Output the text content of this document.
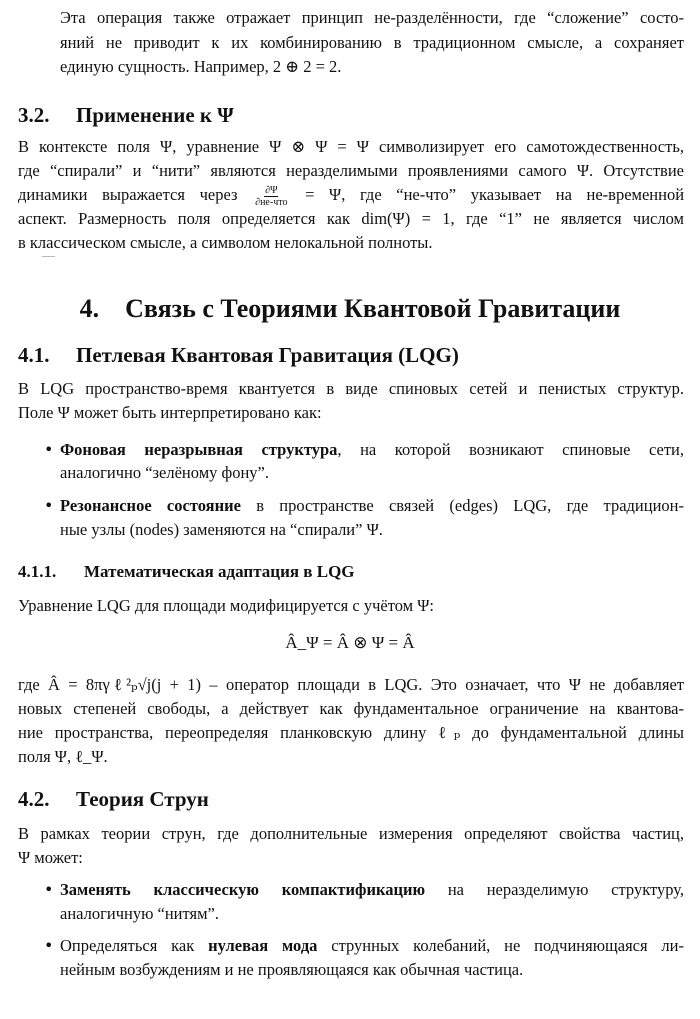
Эта операция также отражает принцип не-разделённости, где “сложение” состо-
яний не приводит к их комбинированию в традиционном смысле, а сохраняет
единую сущность. Например, 2 ⊕ 2 = 2.
3.2. Применение к Ψ
В контексте поля Ψ, уравнение Ψ ⊗ Ψ = Ψ символизирует его самотождественность,
где “спирали” и “нити” являются неразделимыми проявлениями самого Ψ. Отсутствие
динамики выражается через $\frac{\partial\Psi}{\text{∂не-что}} = \Psi$, где “не-что” указывает на не-временной
аспект. Размерность поля определяется как dim(Ψ) = 1, где “1” не является числом
в классическом смысле, а символом нелокальной полноты.
4. Связь с Теориями Квантовой Гравитации
4.1. Петлевая Квантовая Гравитация (LQG)
В LQG пространство-время квантуется в виде спиновых сетей и пенистых структур.
Поле Ψ может быть интерпретировано как:
• Фоновая неразрывная структура, на которой возникают спиновые сети,
аналогично “зелёному фону”.
• Резонансное состояние в пространстве связей (edges) LQG, где традицион-
ные узлы (nodes) заменяются на “спирали” Ψ.
4.1.1. Математическая адаптация в LQG
Уравнение LQG для площади модифицируется с учётом Ψ:
Â_Ψ = Â ⊗ Ψ = Â
где Â = 8πγℓ²ₚ√j(j + 1) – оператор площади в LQG. Это означает, что Ψ не добавляет
новых степеней свободы, а действует как фундаментальное ограничение на квантова-
ние пространства, переопределяя планковскую длину ℓₚ до фундаментальной длины
поля Ψ, ℓ_Ψ.
4.2. Теория Струн
В рамках теории струн, где дополнительные измерения определяют свойства частиц,
Ψ может:
• Заменять классическую компактификацию на неразделимую структуру,
аналогичную “нитям”.
• Определяться как нулевая мода струнных колебаний, не подчиняющаяся ли-
нейным возбуждениям и не проявляющаяся как обычная частица.
